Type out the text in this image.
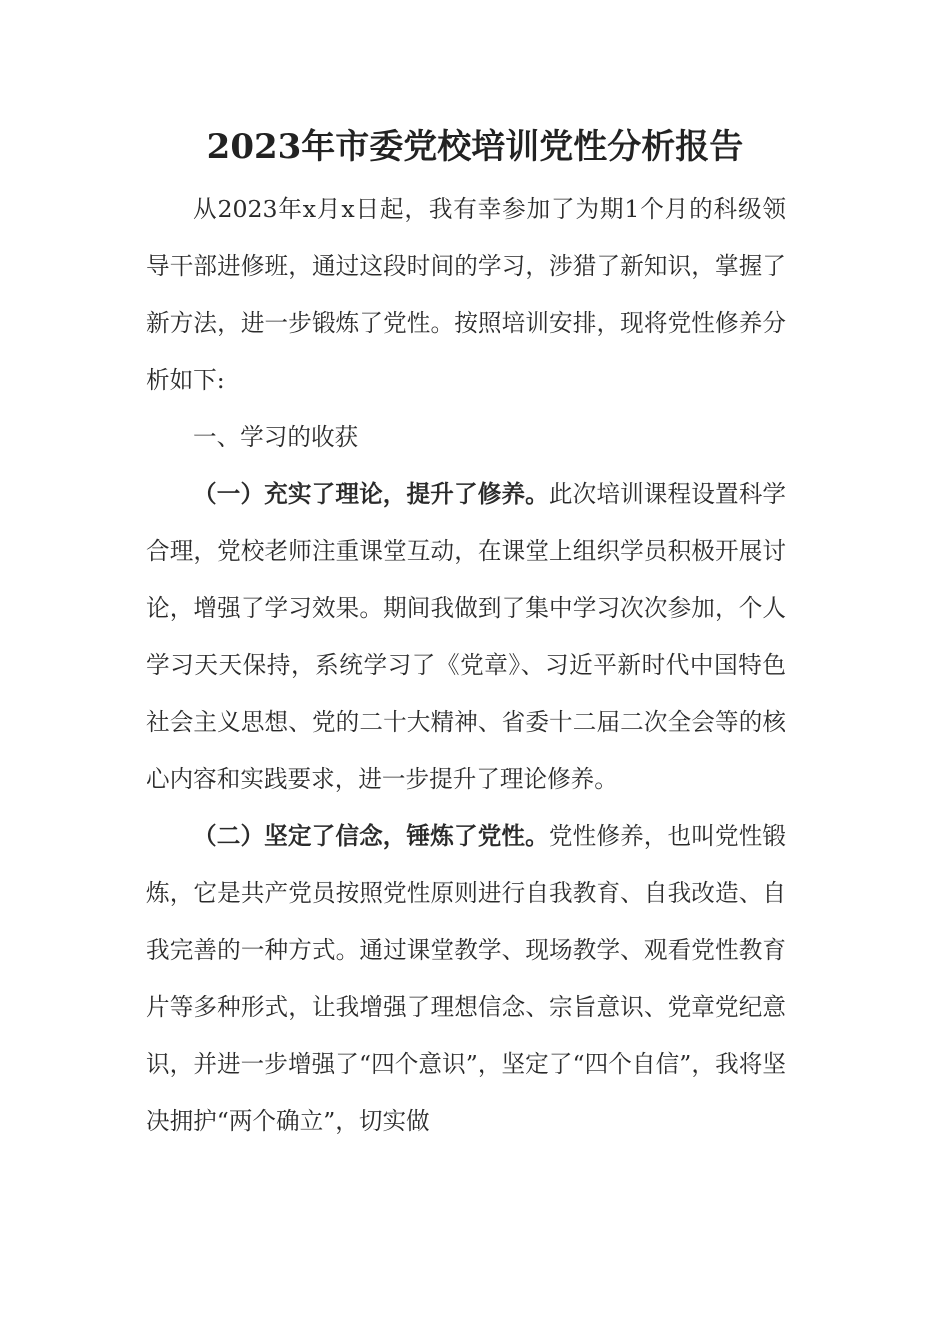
2023年市委党校培训党性分析报告

从2023年x月x日起，我有幸参加了为期1个月的科级领导干部进修班，通过这段时间的学习，涉猎了新知识，掌握了新方法，进一步锻炼了党性。按照培训安排，现将党性修养分析如下:

一、学习的收获

（一）充实了理论，提升了修养。此次培训课程设置科学合理，党校老师注重课堂互动，在课堂上组织学员积极开展讨论，增强了学习效果。期间我做到了集中学习次次参加，个人学习天天保持，系统学习了《党章》、习近平新时代中国特色社会主义思想、党的二十大精神、省委十二届二次全会等的核心内容和实践要求，进一步提升了理论修养。

（二）坚定了信念，锤炼了党性。党性修养，也叫党性锻炼，它是共产党员按照党性原则进行自我教育、自我改造、自我完善的一种方式。通过课堂教学、现场教学、观看党性教育片等多种形式，让我增强了理想信念、宗旨意识、党章党纪意识，并进一步增强了“四个意识”，坚定了“四个自信”，我将坚决拥护“两个确立”，切实做
